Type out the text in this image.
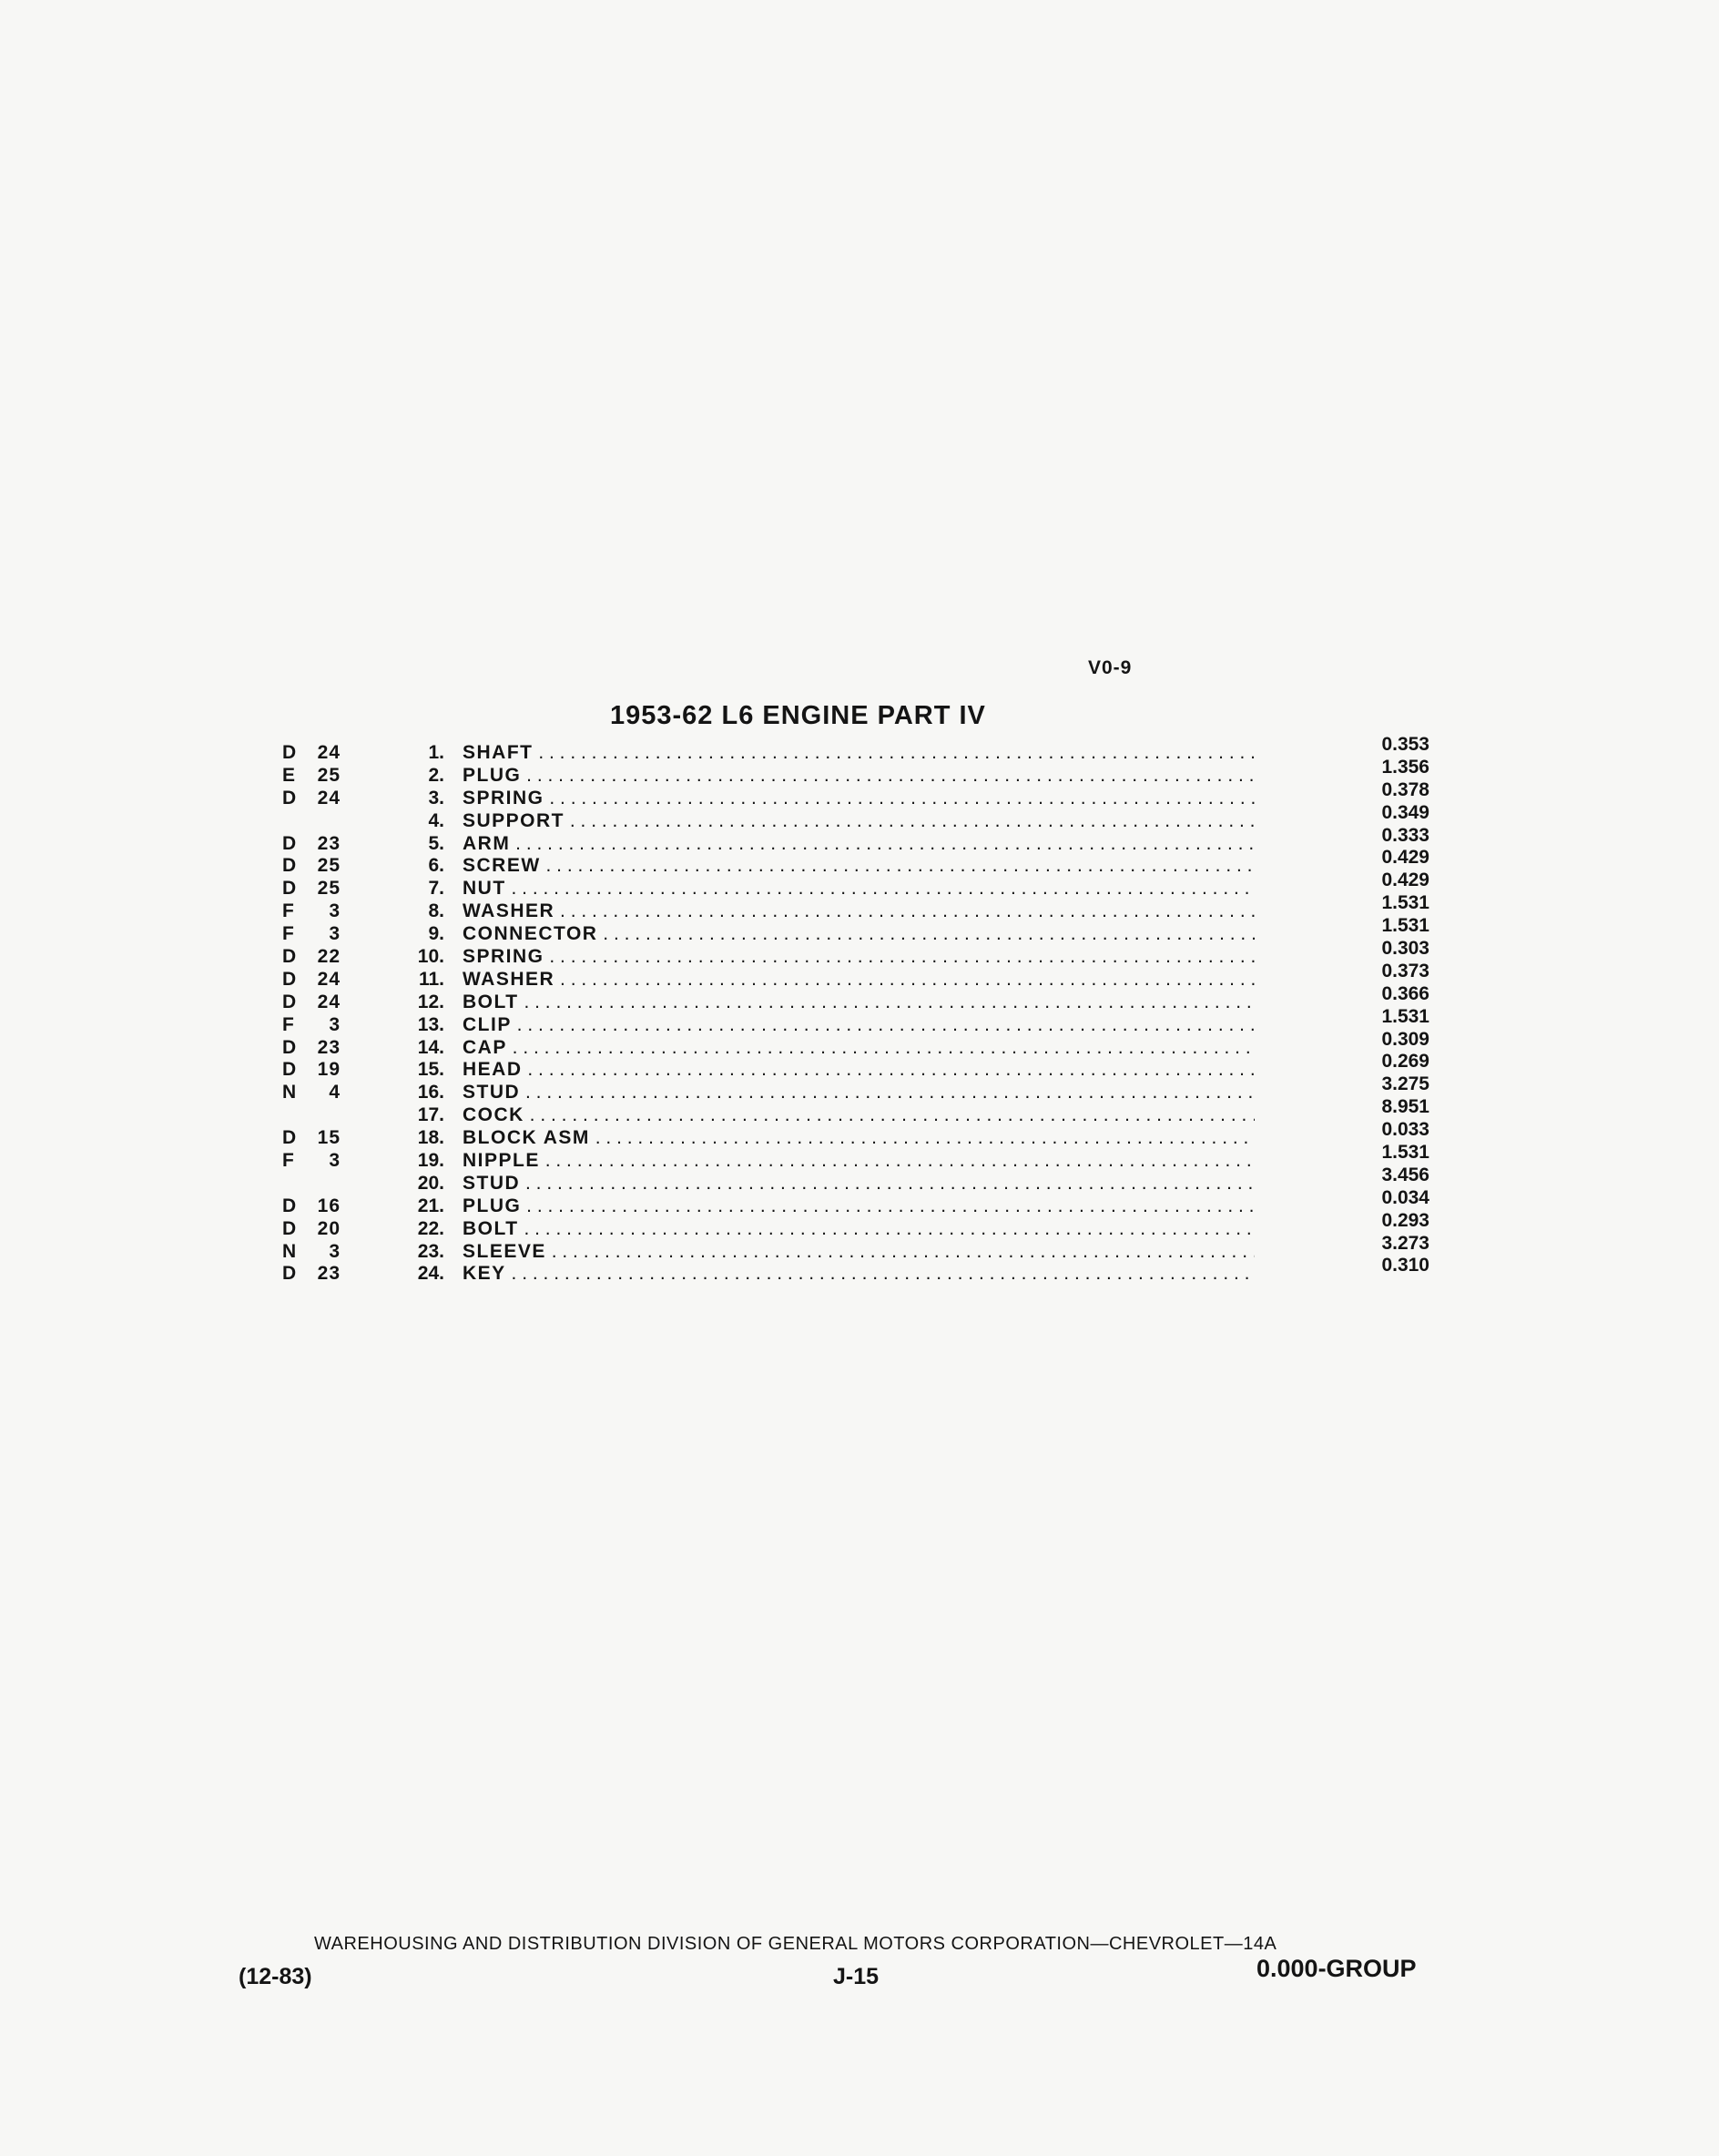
V0-9
1953-62 L6 ENGINE PART IV
D 24	1. SHAFT . . .	0.353
E 25	2. PLUG . . .	1.356
D 24	3. SPRING . . .	0.378
4. SUPPORT . . .	0.349
D 23	5. ARM . . .	0.333
D 25	6. SCREW . . .	0.429
D 25	7. NUT . . .	0.429
F 3	8. WASHER . . .	1.531
F 3	9. CONNECTOR . . .	1.531
D 22	10. SPRING . . .	0.303
D 24	11. WASHER . . .	0.373
D 24	12. BOLT . . .	0.366
F 3	13. CLIP . . .	1.531
D 23	14. CAP . . .	0.309
D 19	15. HEAD . . .	0.269
N 4	16. STUD . . .	3.275
17. COCK . . .	8.951
D 15	18. BLOCK ASM . . .	0.033
F 3	19. NIPPLE . . .	1.531
20. STUD . . .	3.456
D 16	21. PLUG . . .	0.034
D 20	22. BOLT . . .	0.293
N 3	23. SLEEVE . . .	3.273
D 23	24. KEY . . .	0.310
WAREHOUSING AND DISTRIBUTION DIVISION OF GENERAL MOTORS CORPORATION—CHEVROLET—14A
(12-83)	J-15	0.000-GROUP
